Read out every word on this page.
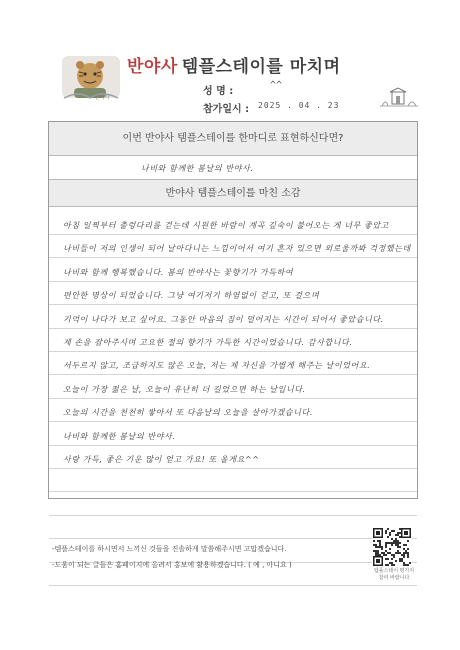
반야사
반야사 템플스테이를 마치며
성 명 :
^^
참가일시 : 2025 . 04 . 23
이번 반야사 템플스테이를 한마디로 표현하신다면?
나비와 함께한 봄날의 반야사.
반야사 템플스테이를 마친 소감
아침 일찍부터 출렁다리를 걷는데 시원한 바람이 계곡 깊숙이 불어오는 게 너무 좋았고
나비들이 저의 인생이 되어 날아다니는 느낌이어서 여기 혼자 있으면 외로울까봐 걱정했는데
나비와 함께 행복했습니다. 봄의 반야사는 꽃향기가 가득하여
편안한 명상이 되었습니다. 그냥 여기저기 하염없이 걷고, 또 걸으며
기억이 나다가 보고 싶어요. 그동안 마음의 짐이 덜어지는 시간이 되어서 좋았습니다.
제 손을 잡아주시며 고요한 절의 향기가 가득한 시간이었습니다. 감사합니다.
서두르지 않고, 조급하지도 않은 오늘, 저는 제 자신을 가볍게 해주는 날이었어요.
오늘이 가장 젊은 날, 오늘이 유난히 더 길었으면 하는 날입니다.
오늘의 시간을 천천히 쌓아서 또 다음날의 오늘을 살아가겠습니다.
나비와 함께한 봄날의 반야사.
사랑 가득, 좋은 기운 많이 얻고 가요! 또 올게요^^
-템플스테이를 하시면서 느끼신 것들을 진솔하게 말씀해주시면 고맙겠습니다.
-도움이 되는 글들은 홈페이지에 올려서 홍보에 활용하겠습니다. ( 예 , 아니요 )
템플스테이 평가지
참여 바랍니다
